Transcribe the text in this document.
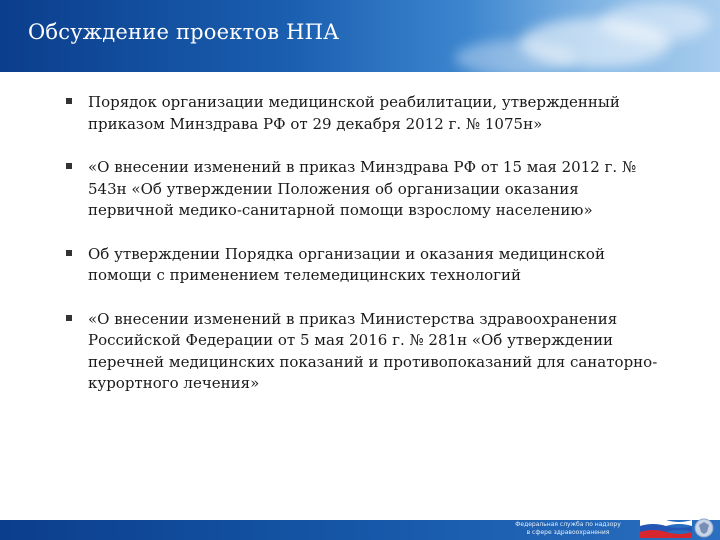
Обсуждение проектов НПА
Порядок организации медицинской реабилитации, утвержденный приказом Минздрава РФ от 29 декабря 2012 г. № 1075н»
«О внесении изменений в приказ Минздрава РФ от 15 мая 2012 г. № 543н «Об утверждении Положения об организации оказания первичной медико-санитарной помощи взрослому населению»
Об утверждении Порядка организации и оказания медицинской помощи с применением телемедицинских технологий
«О внесении изменений в приказ Министерства здравоохранения Российской Федерации от 5 мая 2016 г. № 281н «Об утверждении перечней медицинских показаний и противопоказаний для санаторно-курортного лечения»
Федеральная служба по надзору
в сфере здравоохранения
